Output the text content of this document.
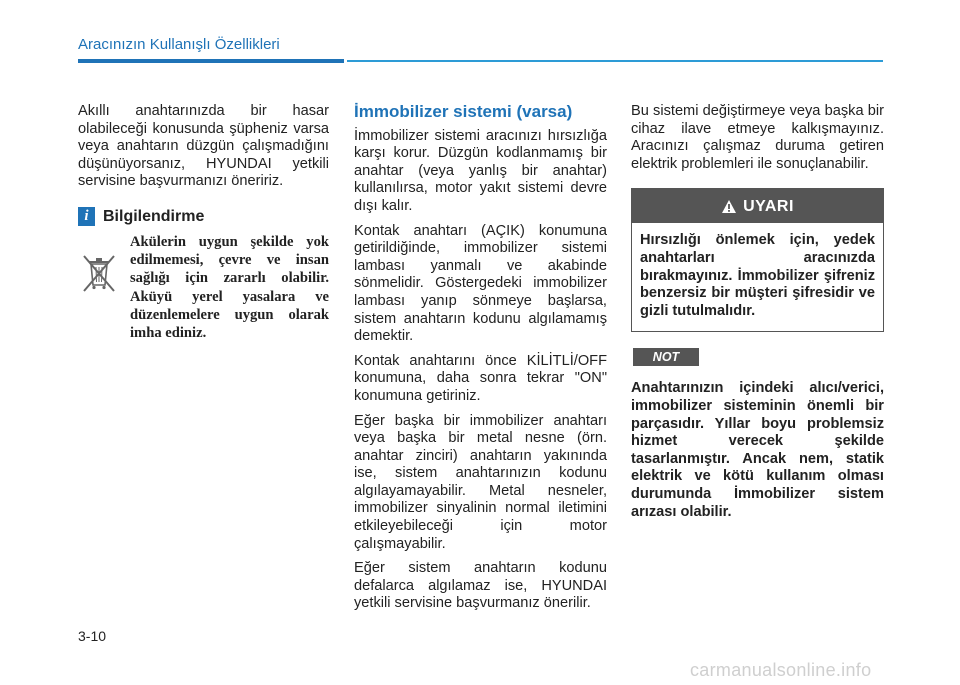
Aracınızın Kullanışlı Özellikleri

Akıllı anahtarınızda bir hasar olabileceği konusunda şüpheniz varsa veya anahtarın düzgün çalışmadığını düşünüyorsanız, HYUNDAI yetkili servisine başvurmanızı öneririz.

i Bilgilendirme
Akülerin uygun şekilde yok edilmemesi, çevre ve insan sağlığı için zararlı olabilir. Aküyü yerel yasalara ve düzenlemelere uygun olarak imha ediniz.
İmmobilizer sistemi (varsa)

İmmobilizer sistemi aracınızı hırsızlığa karşı korur. Düzgün kodlanmamış bir anahtar (veya yanlış bir anahtar) kullanılırsa, motor yakıt sistemi devre dışı kalır.

Kontak anahtarı (AÇIK) konumuna getirildiğinde, immobilizer sistemi lambası yanmalı ve akabinde sönmelidir. Göstergedeki immobilizer lambası yanıp sönmeye başlarsa, sistem anahtarın kodunu algılamamış demektir.

Kontak anahtarını önce KİLİTLİ/OFF konumuna, daha sonra tekrar "ON" konumuna getiriniz.

Eğer başka bir immobilizer anahtarı veya başka bir metal nesne (örn. anahtar zinciri) anahtarın yakınında ise, sistem anahtarınızın kodunu algılayamayabilir. Metal nesneler, immobilizer sinyalinin normal iletimini etkileyebileceği için motor çalışmayabilir.

Eğer sistem anahtarın kodunu defalarca algılamaz ise, HYUNDAI yetkili servisine başvurmanız önerilir.

Bu sistemi değiştirmeye veya başka bir cihaz ilave etmeye kalkışmayınız. Aracınızı çalışmaz duruma getiren elektrik problemleri ile sonuçlanabilir.

UYARI
Hırsızlığı önlemek için, yedek anahtarları aracınızda bırakmayınız. İmmobilizer şifreniz benzersiz bir müşteri şifresidir ve gizli tutulmalıdır.
NOT
Anahtarınızın içindeki alıcı/verici, immobilizer sisteminin önemli bir parçasıdır. Yıllar boyu problemsiz hizmet verecek şekilde tasarlanmıştır. Ancak nem, statik elektrik ve kötü kullanım olması durumunda İmmobilizer sistem arızası olabilir.
3-10
carmanualsonline.info
